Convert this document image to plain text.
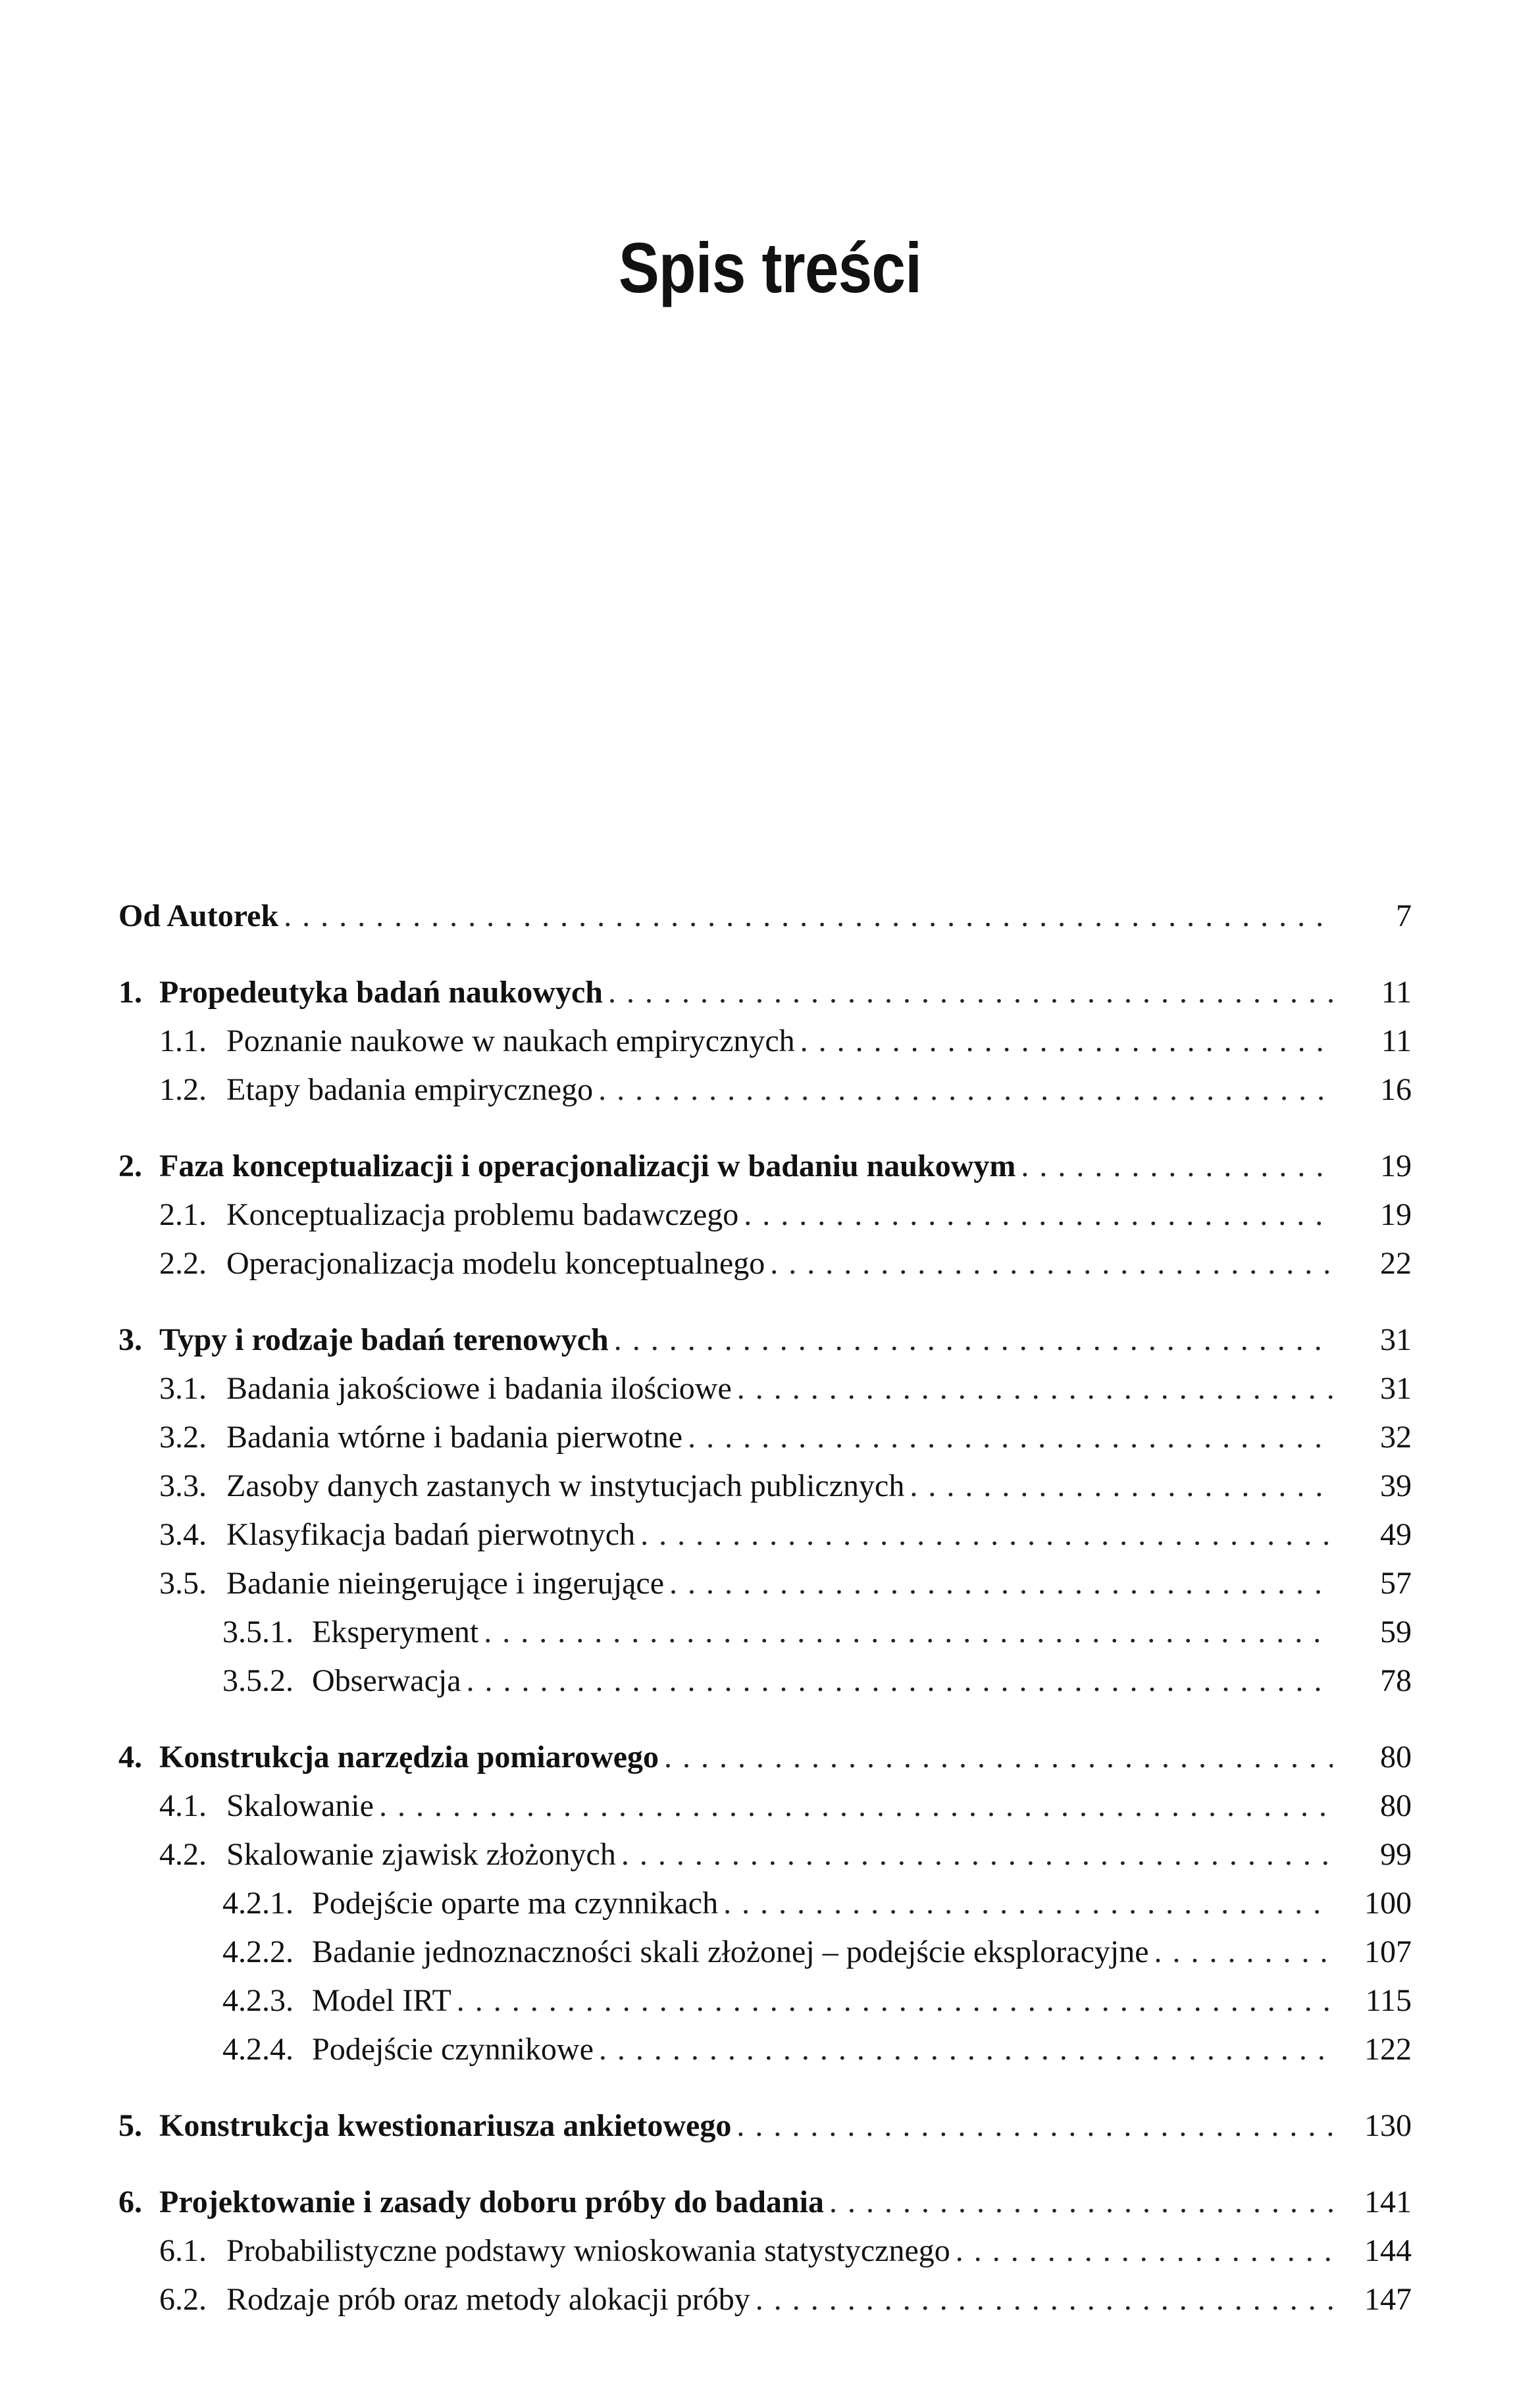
Spis treści
Od Autorek . . .	7
1. Propedeutyka badań naukowych . . .	11
1.1. Poznanie naukowe w naukach empirycznych . . .	11
1.2. Etapy badania empirycznego . . .	16
2. Faza konceptualizacji i operacjonalizacji w badaniu naukowym . . .	19
2.1. Konceptualizacja problemu badawczego . . .	19
2.2. Operacjonalizacja modelu konceptualnego . . .	22
3. Typy i rodzaje badań terenowych . . .	31
3.1. Badania jakościowe i badania ilościowe . . .	31
3.2. Badania wtórne i badania pierwotne . . .	32
3.3. Zasoby danych zastanych w instytucjach publicznych . . .	39
3.4. Klasyfikacja badań pierwotnych . . .	49
3.5. Badanie nieingerujące i ingerujące . . .	57
3.5.1. Eksperyment . . .	59
3.5.2. Obserwacja . . .	78
4. Konstrukcja narzędzia pomiarowego . . .	80
4.1. Skalowanie . . .	80
4.2. Skalowanie zjawisk złożonych . . .	99
4.2.1. Podejście oparte ma czynnikach . . .	100
4.2.2. Badanie jednoznaczności skali złożonej – podejście eksploracyjne . . .	107
4.2.3. Model IRT . . .	115
4.2.4. Podejście czynnikowe . . .	122
5. Konstrukcja kwestionariusza ankietowego . . .	130
6. Projektowanie i zasady doboru próby do badania . . .	141
6.1. Probabilistyczne podstawy wnioskowania statystycznego . . .	144
6.2. Rodzaje prób oraz metody alokacji próby . . .	147
